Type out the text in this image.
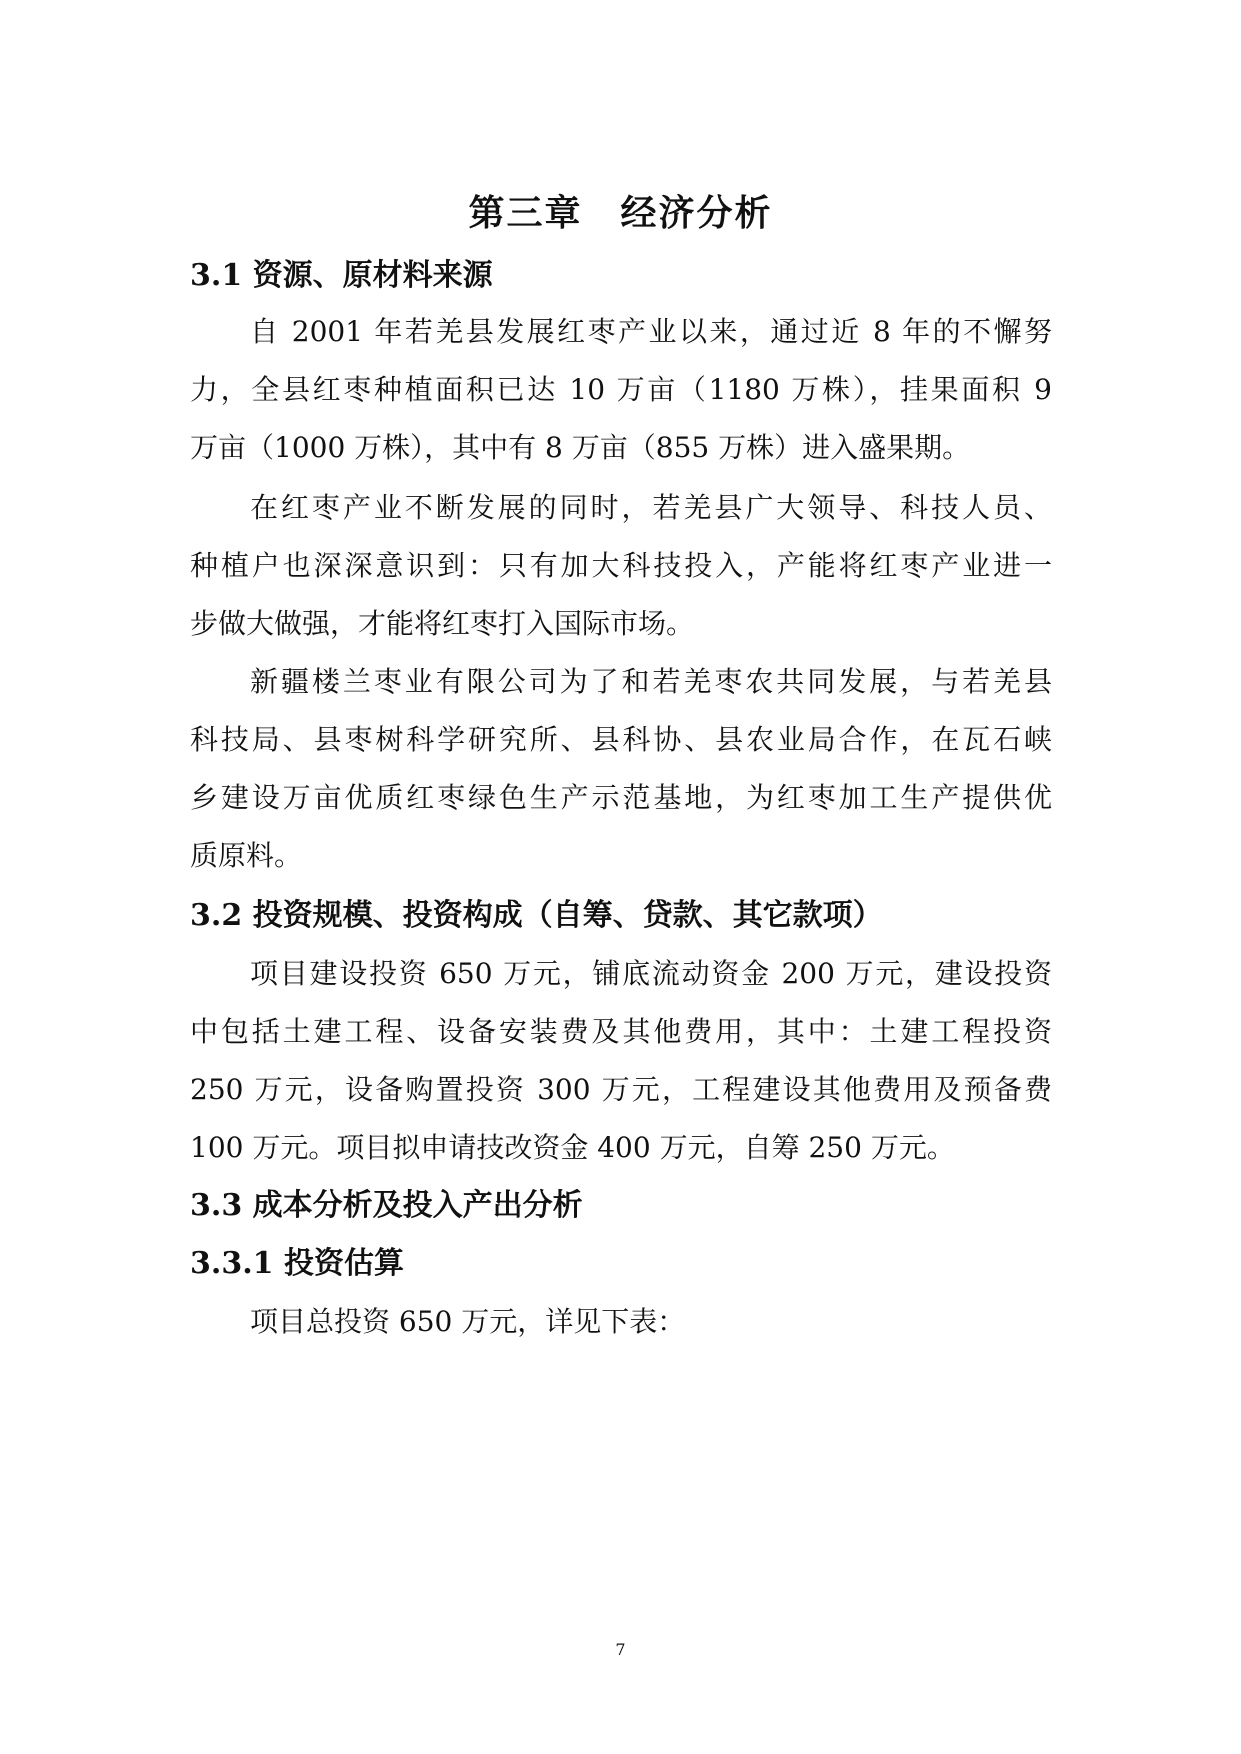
第三章　经济分析
3.1 资源、原材料来源
自 2001 年若羌县发展红枣产业以来，通过近 8 年的不懈努
力，全县红枣种植面积已达 10 万亩（1180 万株），挂果面积 9
万亩（1000 万株），其中有 8 万亩（855 万株）进入盛果期。
在红枣产业不断发展的同时，若羌县广大领导、科技人员、
种植户也深深意识到：只有加大科技投入，产能将红枣产业进一
步做大做强，才能将红枣打入国际市场。
新疆楼兰枣业有限公司为了和若羌枣农共同发展，与若羌县
科技局、县枣树科学研究所、县科协、县农业局合作，在瓦石峡
乡建设万亩优质红枣绿色生产示范基地，为红枣加工生产提供优
质原料。
3.2 投资规模、投资构成（自筹、贷款、其它款项）
项目建设投资 650 万元，铺底流动资金 200 万元，建设投资
中包括土建工程、设备安装费及其他费用，其中：土建工程投资
250 万元，设备购置投资 300 万元，工程建设其他费用及预备费
100 万元。项目拟申请技改资金 400 万元，自筹 250 万元。
3.3 成本分析及投入产出分析
3.3.1 投资估算
项目总投资 650 万元，详见下表：
7
